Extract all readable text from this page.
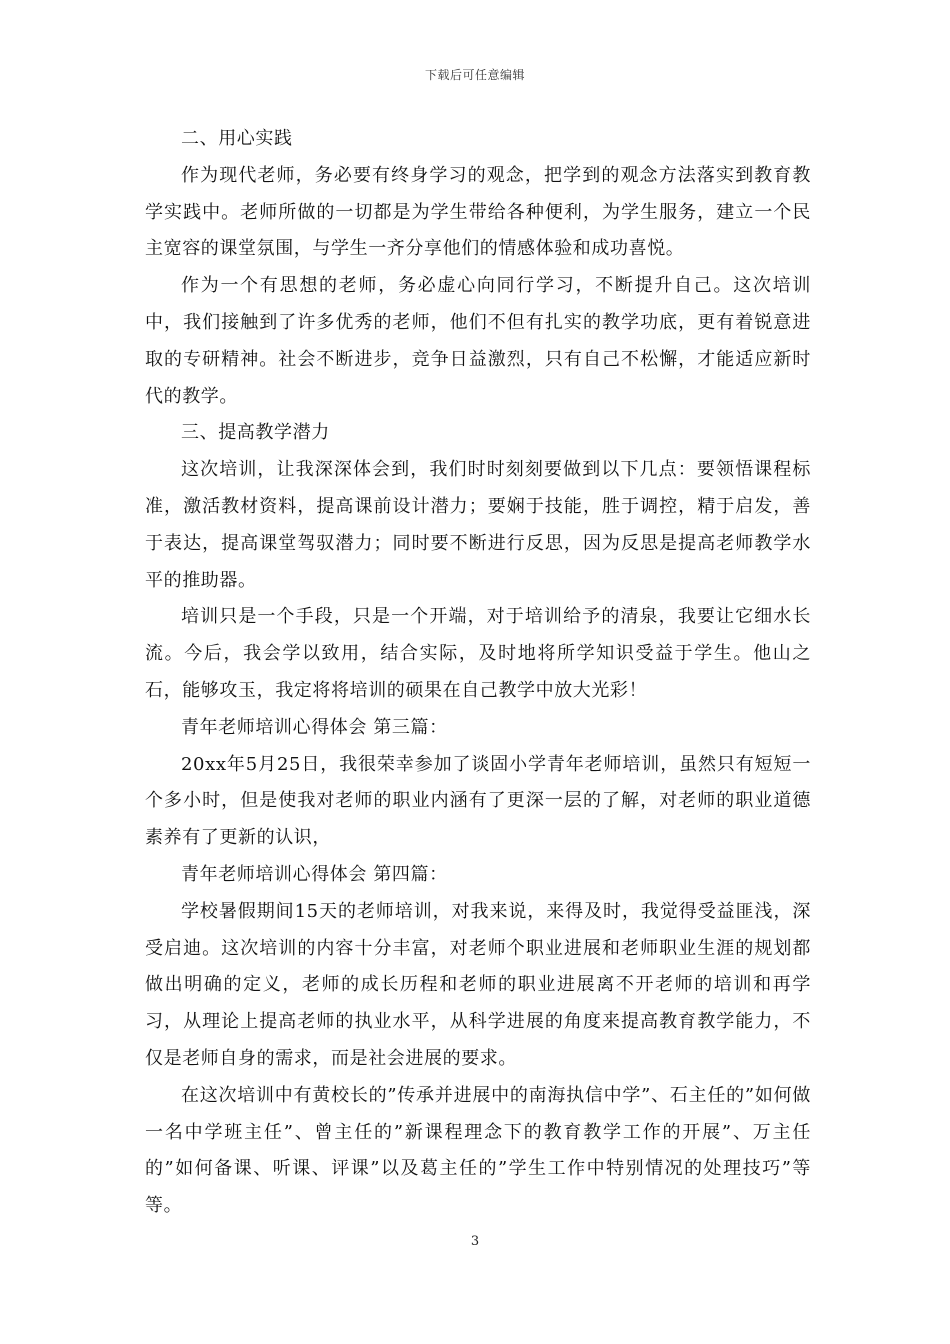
下载后可任意编辑

二、用心实践

作为现代老师，务必要有终身学习的观念，把学到的观念方法落实到教育教学实践中。老师所做的一切都是为学生带给各种便利，为学生服务，建立一个民主宽容的课堂氛围，与学生一齐分享他们的情感体验和成功喜悦。

作为一个有思想的老师，务必虚心向同行学习，不断提升自己。这次培训中，我们接触到了许多优秀的老师，他们不但有扎实的教学功底，更有着锐意进取的专研精神。社会不断进步，竞争日益激烈，只有自己不松懈，才能适应新时代的教学。

三、提高教学潜力

这次培训，让我深深体会到，我们时时刻刻要做到以下几点：要领悟课程标准，激活教材资料，提高课前设计潜力；要娴于技能，胜于调控，精于启发，善于表达，提高课堂驾驭潜力；同时要不断进行反思，因为反思是提高老师教学水平的推助器。

培训只是一个手段，只是一个开端，对于培训给予的清泉，我要让它细水长流。今后，我会学以致用，结合实际，及时地将所学知识受益于学生。他山之石，能够攻玉，我定将将培训的硕果在自己教学中放大光彩！

青年老师培训心得体会 第三篇：

20xx年5月25日，我很荣幸参加了谈固小学青年老师培训，虽然只有短短一个多小时，但是使我对老师的职业内涵有了更深一层的了解，对老师的职业道德素养有了更新的认识，

青年老师培训心得体会 第四篇：

学校暑假期间15天的老师培训，对我来说，来得及时，我觉得受益匪浅，深受启迪。这次培训的内容十分丰富，对老师个职业进展和老师职业生涯的规划都做出明确的定义，老师的成长历程和老师的职业进展离不开老师的培训和再学习，从理论上提高老师的执业水平，从科学进展的角度来提高教育教学能力，不仅是老师自身的需求，而是社会进展的要求。

在这次培训中有黄校长的”传承并进展中的南海执信中学”、石主任的”如何做一名中学班主任”、曾主任的”新课程理念下的教育教学工作的开展”、万主任的”如何备课、听课、评课”以及葛主任的”学生工作中特别情况的处理技巧”等等。

3
